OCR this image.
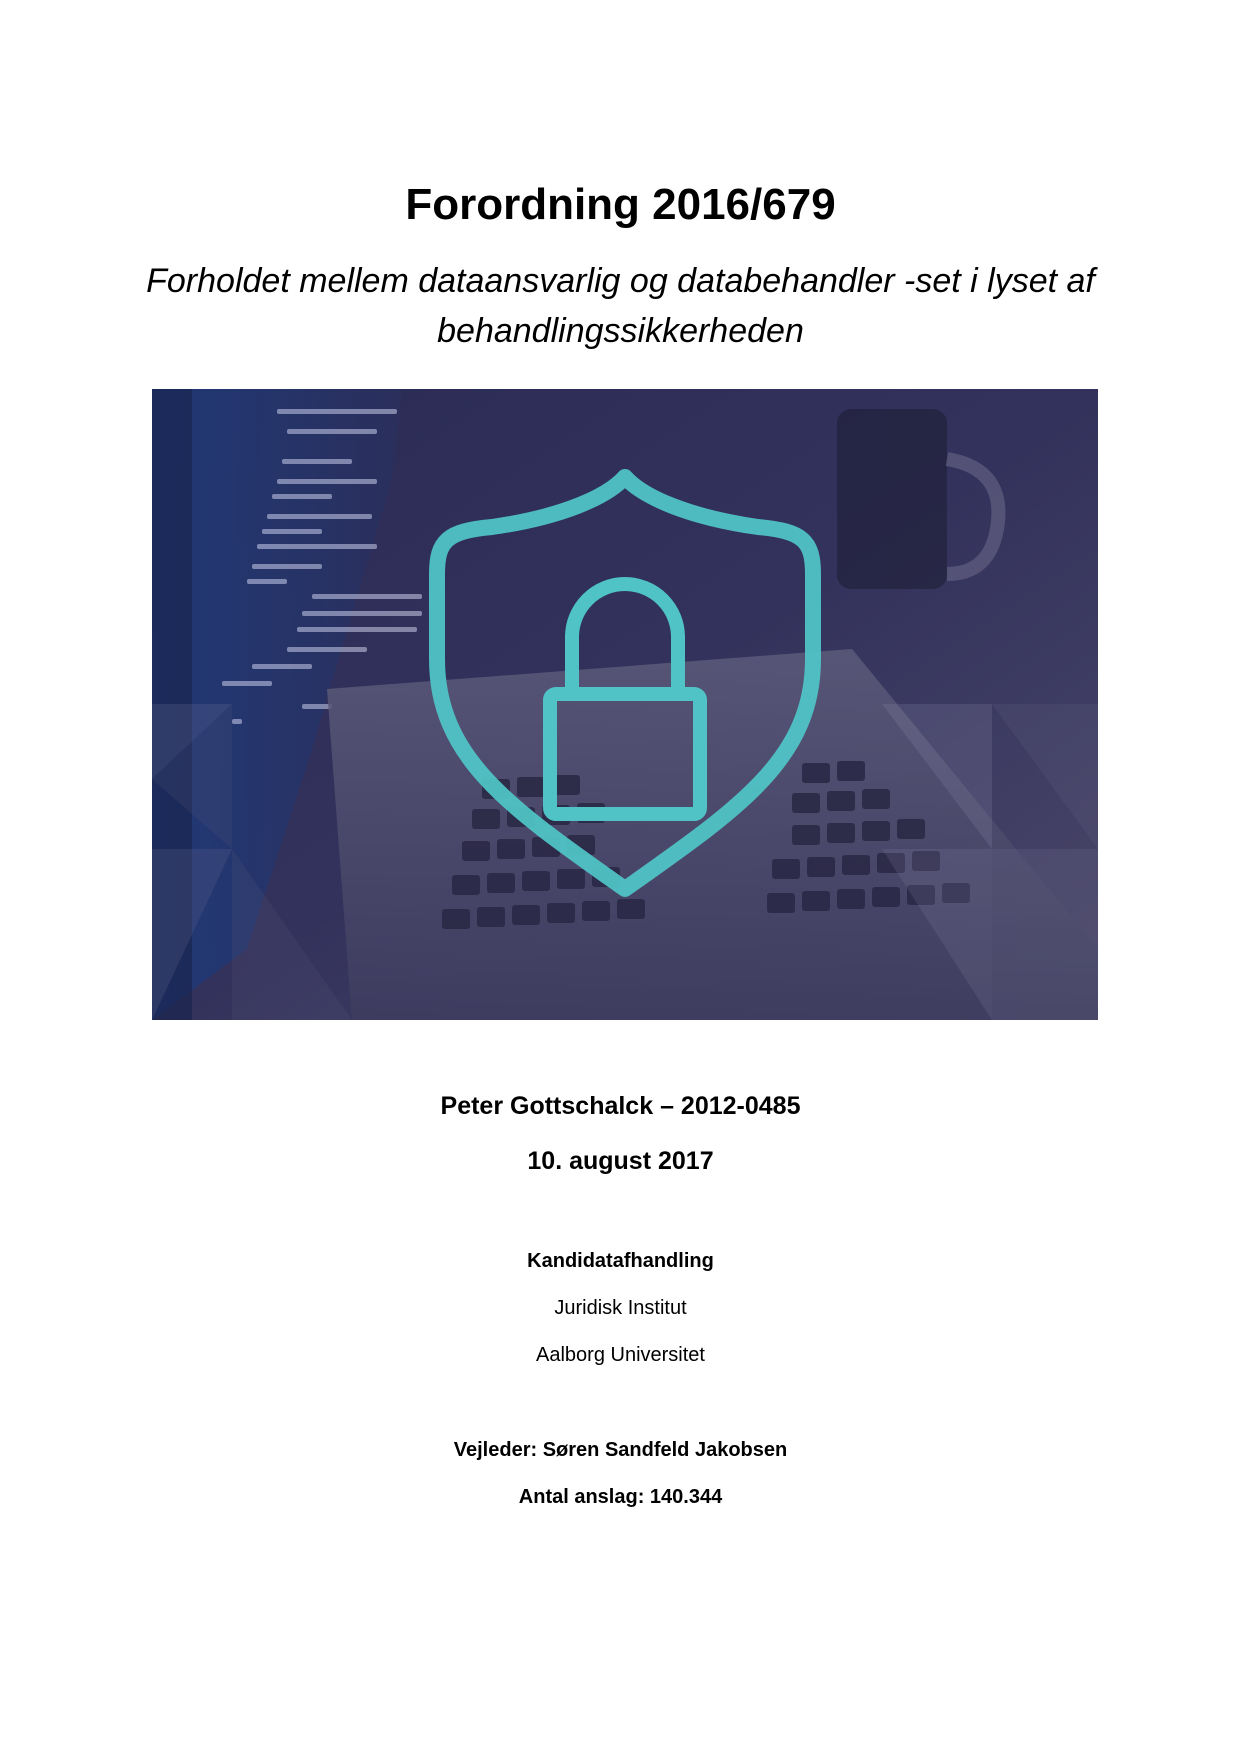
Forordning 2016/679
Forholdet mellem dataansvarlig og databehandler -set i lyset af behandlingssikkerheden
Peter Gottschalck – 2012-0485
10. august 2017
Kandidatafhandling
Juridisk Institut
Aalborg Universitet
Vejleder: Søren Sandfeld Jakobsen
Antal anslag: 140.344
